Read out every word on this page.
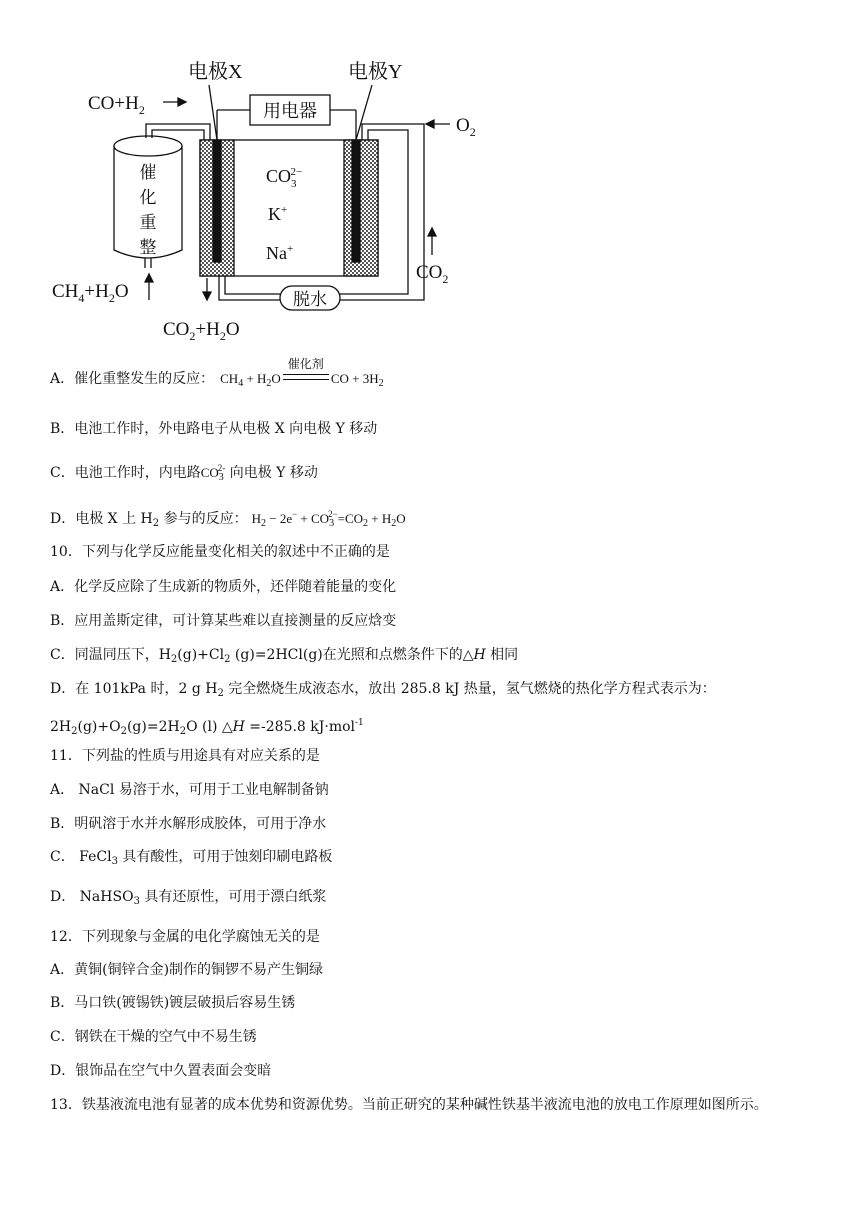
电极X	电极Y
$CO+H_2$
$O_2$
用电器
催
化
重
整
$CO_32-$
K+
Na+
脱水
$CO_2$
$CH_4+H_2O$
$CO_2+H_2O$
A．催化重整发生的反应： $CH_4 + H_2O$
催化剂
CO + $3H_2$
B．电池工作时，外电路电子从电极 X 向电极 Y 移动
C．电池工作时，内电路$CO_3^{2-}$ 向电极 Y 移动
D．电极 X 上 $H_2$ 参与的反应： $H_2 - 2e^- + CO_3^{2-}=CO_2 + H_2O$
10．下列与化学反应能量变化相关的叙述中不正确的是
A．化学反应除了生成新的物质外，还伴随着能量的变化
B．应用盖斯定律，可计算某些难以直接测量的反应焓变
C．同温同压下，$H_2(g)+Cl_2$ (g)=2HCl(g)在光照和点燃条件下的△H 相同
D．在 101kPa 时，2 g $H_2$ 完全燃烧生成液态水，放出 285.8 kJ 热量，氢气燃烧的热化学方程式表示为：
$2H_2(g)+O_2(g)=2H_2O$ (l) △H =-285.8 kJ·mol$^{-1}$
11．下列盐的性质与用途具有对应关系的是
A． NaCl 易溶于水，可用于工业电解制备钠
B．明矾溶于水并水解形成胶体，可用于净水
C． FeCl$_3$ 具有酸性，可用于蚀刻印刷电路板
D． NaHSO$_3$ 具有还原性，可用于漂白纸浆
12．下列现象与金属的电化学腐蚀无关的是
A．黄铜(铜锌合金)制作的铜锣不易产生铜绿
B．马口铁(镀锡铁)镀层破损后容易生锈
C．钢铁在干燥的空气中不易生锈
D．银饰品在空气中久置表面会变暗
13．铁基液流电池有显著的成本优势和资源优势。当前正研究的某种碱性铁基半液流电池的放电工作原理如图所示。
